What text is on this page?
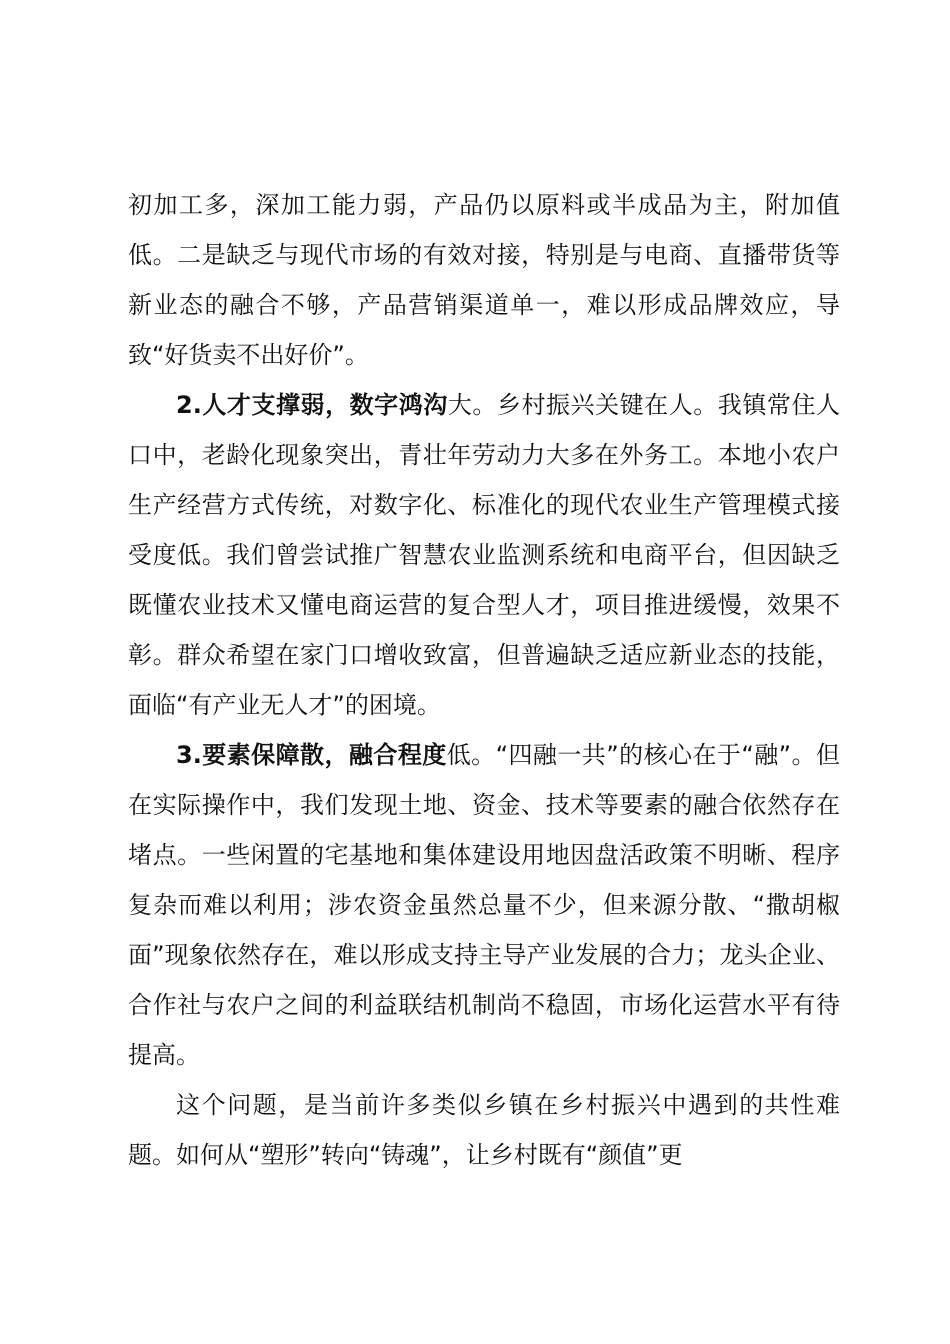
初加工多，深加工能力弱，产品仍以原料或半成品为主，附加值低。二是缺乏与现代市场的有效对接，特别是与电商、直播带货等新业态的融合不够，产品营销渠道单一，难以形成品牌效应，导致“好货卖不出好价”。

2.人才支撑弱，数字鸿沟大。乡村振兴关键在人。我镇常住人口中，老龄化现象突出，青壮年劳动力大多在外务工。本地小农户生产经营方式传统，对数字化、标准化的现代农业生产管理模式接受度低。我们曾尝试推广智慧农业监测系统和电商平台，但因缺乏既懂农业技术又懂电商运营的复合型人才，项目推进缓慢，效果不彰。群众希望在家门口增收致富，但普遍缺乏适应新业态的技能，面临“有产业无人才”的困境。

3.要素保障散，融合程度低。“四融一共”的核心在于“融”。但在实际操作中，我们发现土地、资金、技术等要素的融合依然存在堵点。一些闲置的宅基地和集体建设用地因盘活政策不明晰、程序复杂而难以利用；涉农资金虽然总量不少，但来源分散、“撒胡椒面”现象依然存在，难以形成支持主导产业发展的合力；龙头企业、合作社与农户之间的利益联结机制尚不稳固，市场化运营水平有待提高。

这个问题，是当前许多类似乡镇在乡村振兴中遇到的共性难题。如何从“塑形”转向“铸魂”，让乡村既有“颜值”更
